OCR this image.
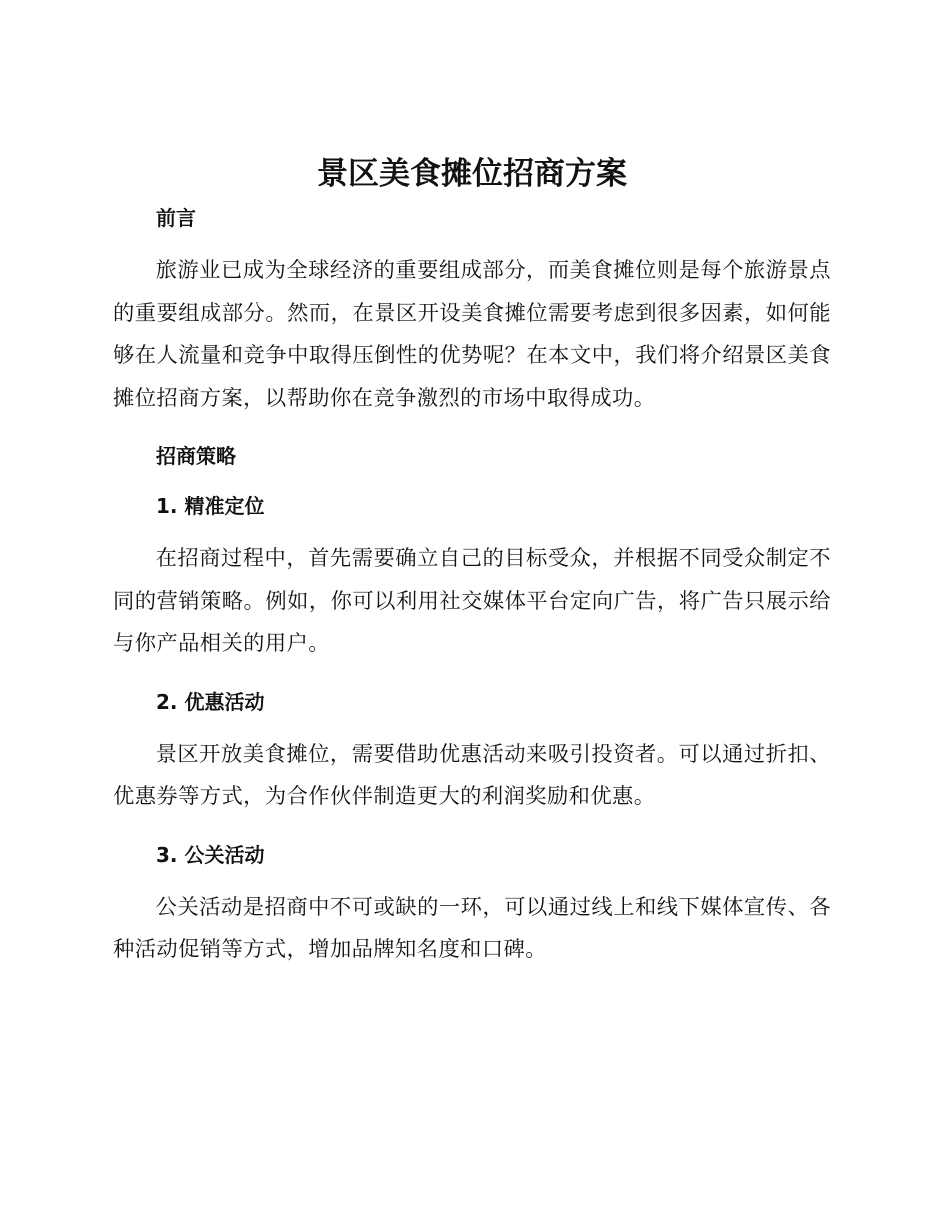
景区美食摊位招商方案
前言

旅游业已成为全球经济的重要组成部分，而美食摊位则是每个旅游景点的重要组成部分。然而，在景区开设美食摊位需要考虑到很多因素，如何能够在人流量和竞争中取得压倒性的优势呢？在本文中，我们将介绍景区美食摊位招商方案，以帮助你在竞争激烈的市场中取得成功。

招商策略
1. 精准定位

在招商过程中，首先需要确立自己的目标受众，并根据不同受众制定不同的营销策略。例如，你可以利用社交媒体平台定向广告，将广告只展示给与你产品相关的用户。

2. 优惠活动

景区开放美食摊位，需要借助优惠活动来吸引投资者。可以通过折扣、优惠券等方式，为合作伙伴制造更大的利润奖励和优惠。

3. 公关活动

公关活动是招商中不可或缺的一环，可以通过线上和线下媒体宣传、各种活动促销等方式，增加品牌知名度和口碑。
